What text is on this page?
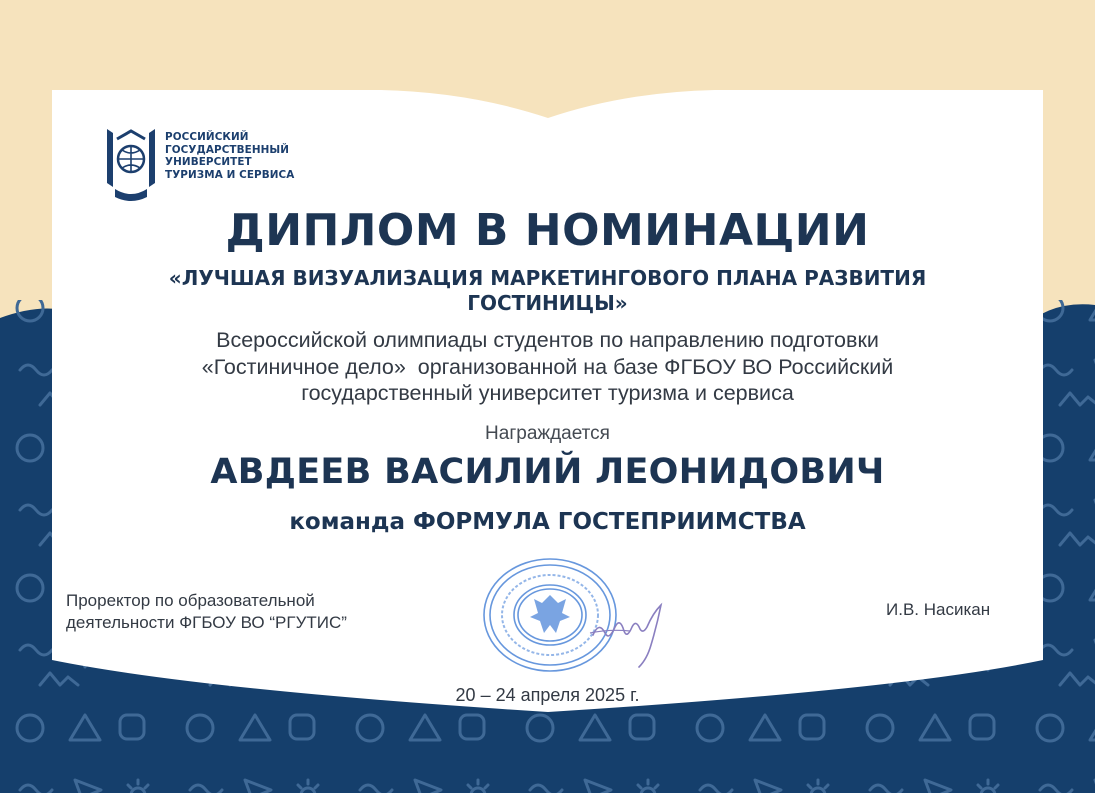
РОССИЙСКИЙ
ГОСУДАРСТВЕННЫЙ
УНИВЕРСИТЕТ
ТУРИЗМА И СЕРВИСА
ДИПЛОМ В НОМИНАЦИИ
«ЛУЧШАЯ ВИЗУАЛИЗАЦИЯ МАРКЕТИНГОВОГО ПЛАНА РАЗВИТИЯ ГОСТИНИЦЫ»
Всероссийской олимпиады студентов по направлению подготовки
«Гостиничное дело»  организованной на базе ФГБОУ ВО Российский
государственный университет туризма и сервиса
Награждается
АВДЕЕВ ВАСИЛИЙ ЛЕОНИДОВИЧ
команда ФОРМУЛА ГОСТЕПРИИМСТВА
Проректор по образовательной
деятельности ФГБОУ ВО “РГУТИС”
И.В. Насикан
20 – 24 апреля 2025 г.
